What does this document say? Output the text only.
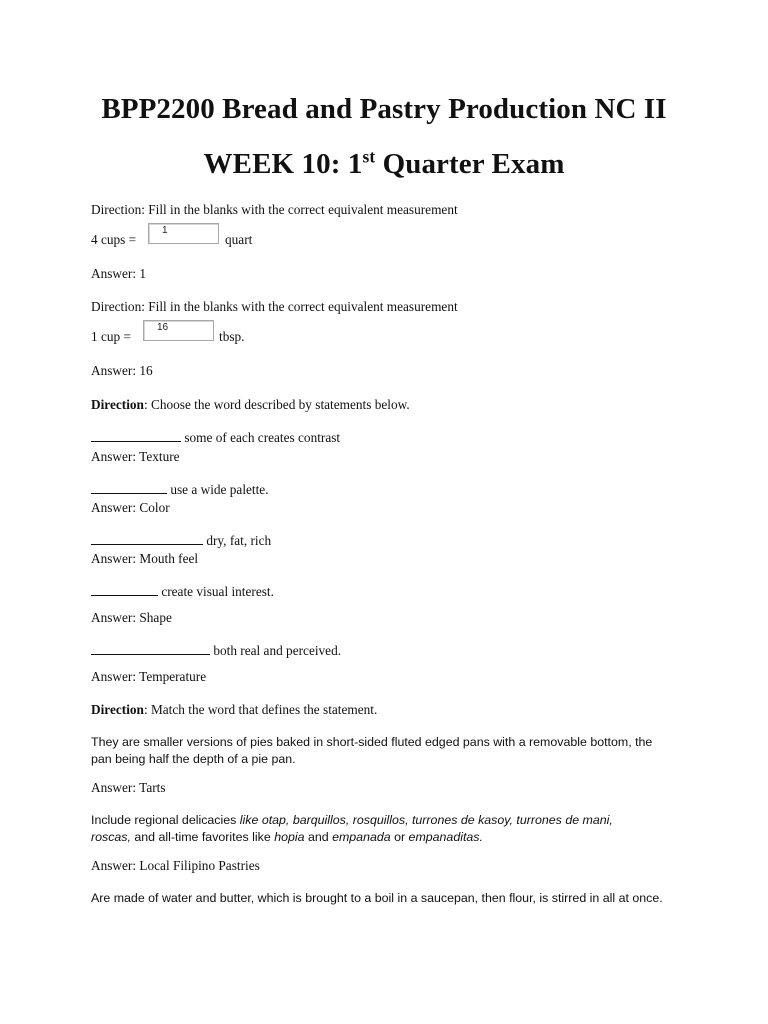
BPP2200 Bread and Pastry Production NC II
WEEK 10: 1st Quarter Exam
Direction: Fill in the blanks with the correct equivalent measurement
4 cups =
1
quart
Answer: 1
Direction: Fill in the blanks with the correct equivalent measurement
1 cup =
16
tbsp.
Answer: 16
Direction: Choose the word described by statements below.
some of each creates contrast
Answer: Texture
use a wide palette.
Answer: Color
dry, fat, rich
Answer: Mouth feel
create visual interest.
Answer: Shape
both real and perceived.
Answer: Temperature
Direction: Match the word that defines the statement.
They are smaller versions of pies baked in short-sided fluted edged pans with a removable bottom, the
pan being half the depth of a pie pan.
Answer: Tarts
Include regional delicacies like otap, barquillos, rosquillos, turrones de kasoy, turrones de mani,
roscas, and all-time favorites like hopia and empanada or empanaditas.
Answer: Local Filipino Pastries
Are made of water and butter, which is brought to a boil in a saucepan, then flour, is stirred in all at once.
